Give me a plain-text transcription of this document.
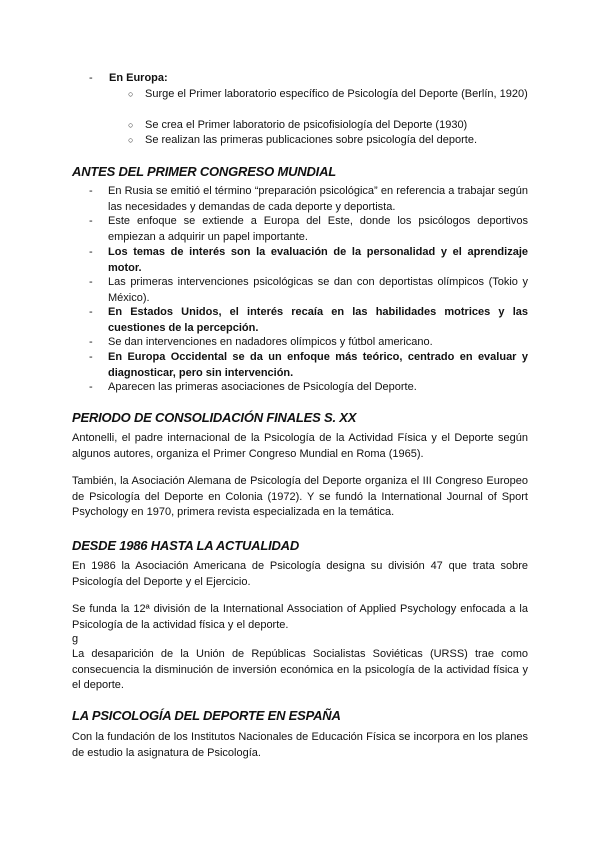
- En Europa:
○ Surge el Primer laboratorio específico de Psicología del Deporte (Berlín, 1920)
○ Se crea el Primer laboratorio de psicofisiología del Deporte (1930)
○ Se realizan las primeras publicaciones sobre psicología del deporte.
ANTES DEL PRIMER CONGRESO MUNDIAL
- En Rusia se emitió el término “preparación psicológica” en referencia a trabajar según las necesidades y demandas de cada deporte y deportista.
- Este enfoque se extiende a Europa del Este, donde los psicólogos deportivos empiezan a adquirir un papel importante.
- Los temas de interés son la evaluación de la personalidad y el aprendizaje motor.
- Las primeras intervenciones psicológicas se dan con deportistas olímpicos (Tokio y México).
- En Estados Unidos, el interés recaía en las habilidades motrices y las cuestiones de la percepción.
- Se dan intervenciones en nadadores olímpicos y fútbol americano.
- En Europa Occidental se da un enfoque más teórico, centrado en evaluar y diagnosticar, pero sin intervención.
- Aparecen las primeras asociaciones de Psicología del Deporte.
PERIODO DE CONSOLIDACIÓN FINALES S. XX
Antonelli, el padre internacional de la Psicología de la Actividad Física y el Deporte según algunos autores, organiza el Primer Congreso Mundial en Roma (1965).
También, la Asociación Alemana de Psicología del Deporte organiza el III Congreso Europeo de Psicología del Deporte en Colonia (1972). Y se fundó la International Journal of Sport Psychology en 1970, primera revista especializada en la temática.
DESDE 1986 HASTA LA ACTUALIDAD
En 1986 la Asociación Americana de Psicología designa su división 47 que trata sobre Psicología del Deporte y el Ejercicio.
Se funda la 12ª división de la International Association of Applied Psychology enfocada a la Psicología de la actividad física y el deporte.
g
La desaparición de la Unión de Repúblicas Socialistas Soviéticas (URSS) trae como consecuencia la disminución de inversión económica en la psicología de la actividad física y el deporte.
LA PSICOLOGÍA DEL DEPORTE EN ESPAÑA
Con la fundación de los Institutos Nacionales de Educación Física se incorpora en los planes de estudio la asignatura de Psicología.
